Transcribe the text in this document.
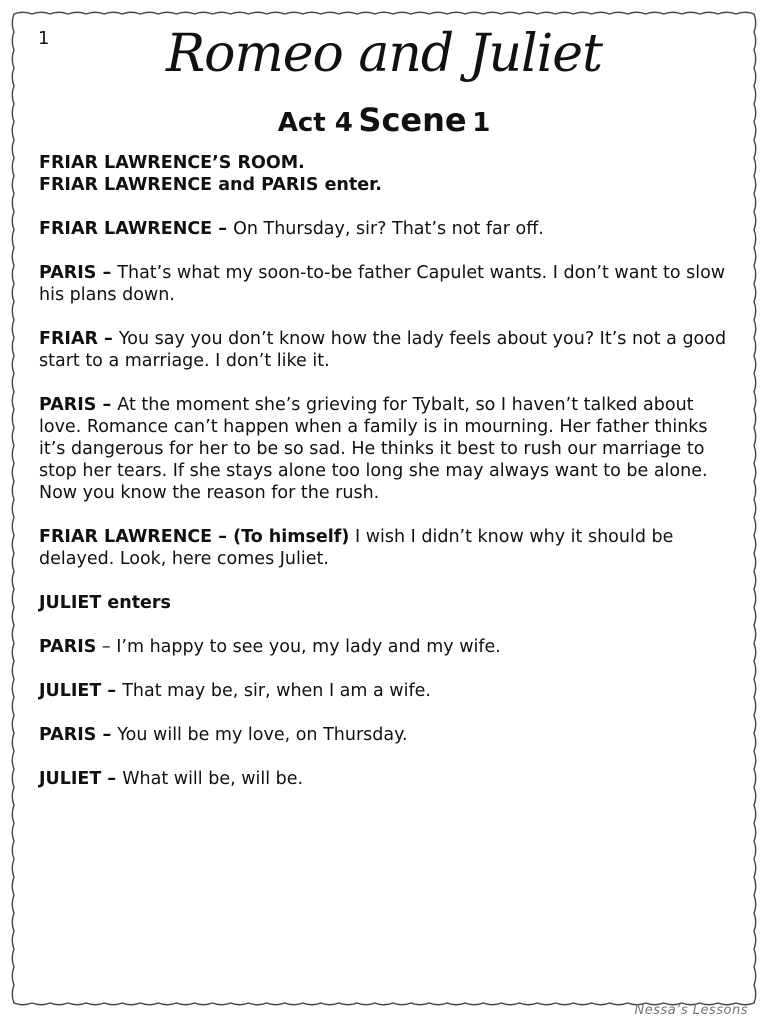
1	Romeo and Juliet
Act 4 Scene 1
FRIAR LAWRENCE’S ROOM.
FRIAR LAWRENCE and PARIS enter.
FRIAR LAWRENCE – On Thursday, sir? That’s not far off.
PARIS – That’s what my soon-to-be father Capulet wants. I don’t want to slow his plans down.
FRIAR – You say you don’t know how the lady feels about you? It’s not a good start to a marriage. I don’t like it.
PARIS – At the moment she’s grieving for Tybalt, so I haven’t talked about love. Romance can’t happen when a family is in mourning. Her father thinks it’s dangerous for her to be so sad. He thinks it best to rush our marriage to stop her tears. If she stays alone too long she may always want to be alone. Now you know the reason for the rush.
FRIAR LAWRENCE – (To himself) I wish I didn’t know why it should be delayed. Look, here comes Juliet.
JULIET enters
PARIS – I’m happy to see you, my lady and my wife.
JULIET – That may be, sir, when I am a wife.
PARIS – You will be my love, on Thursday.
JULIET – What will be, will be.
Nessa’s Lessons
